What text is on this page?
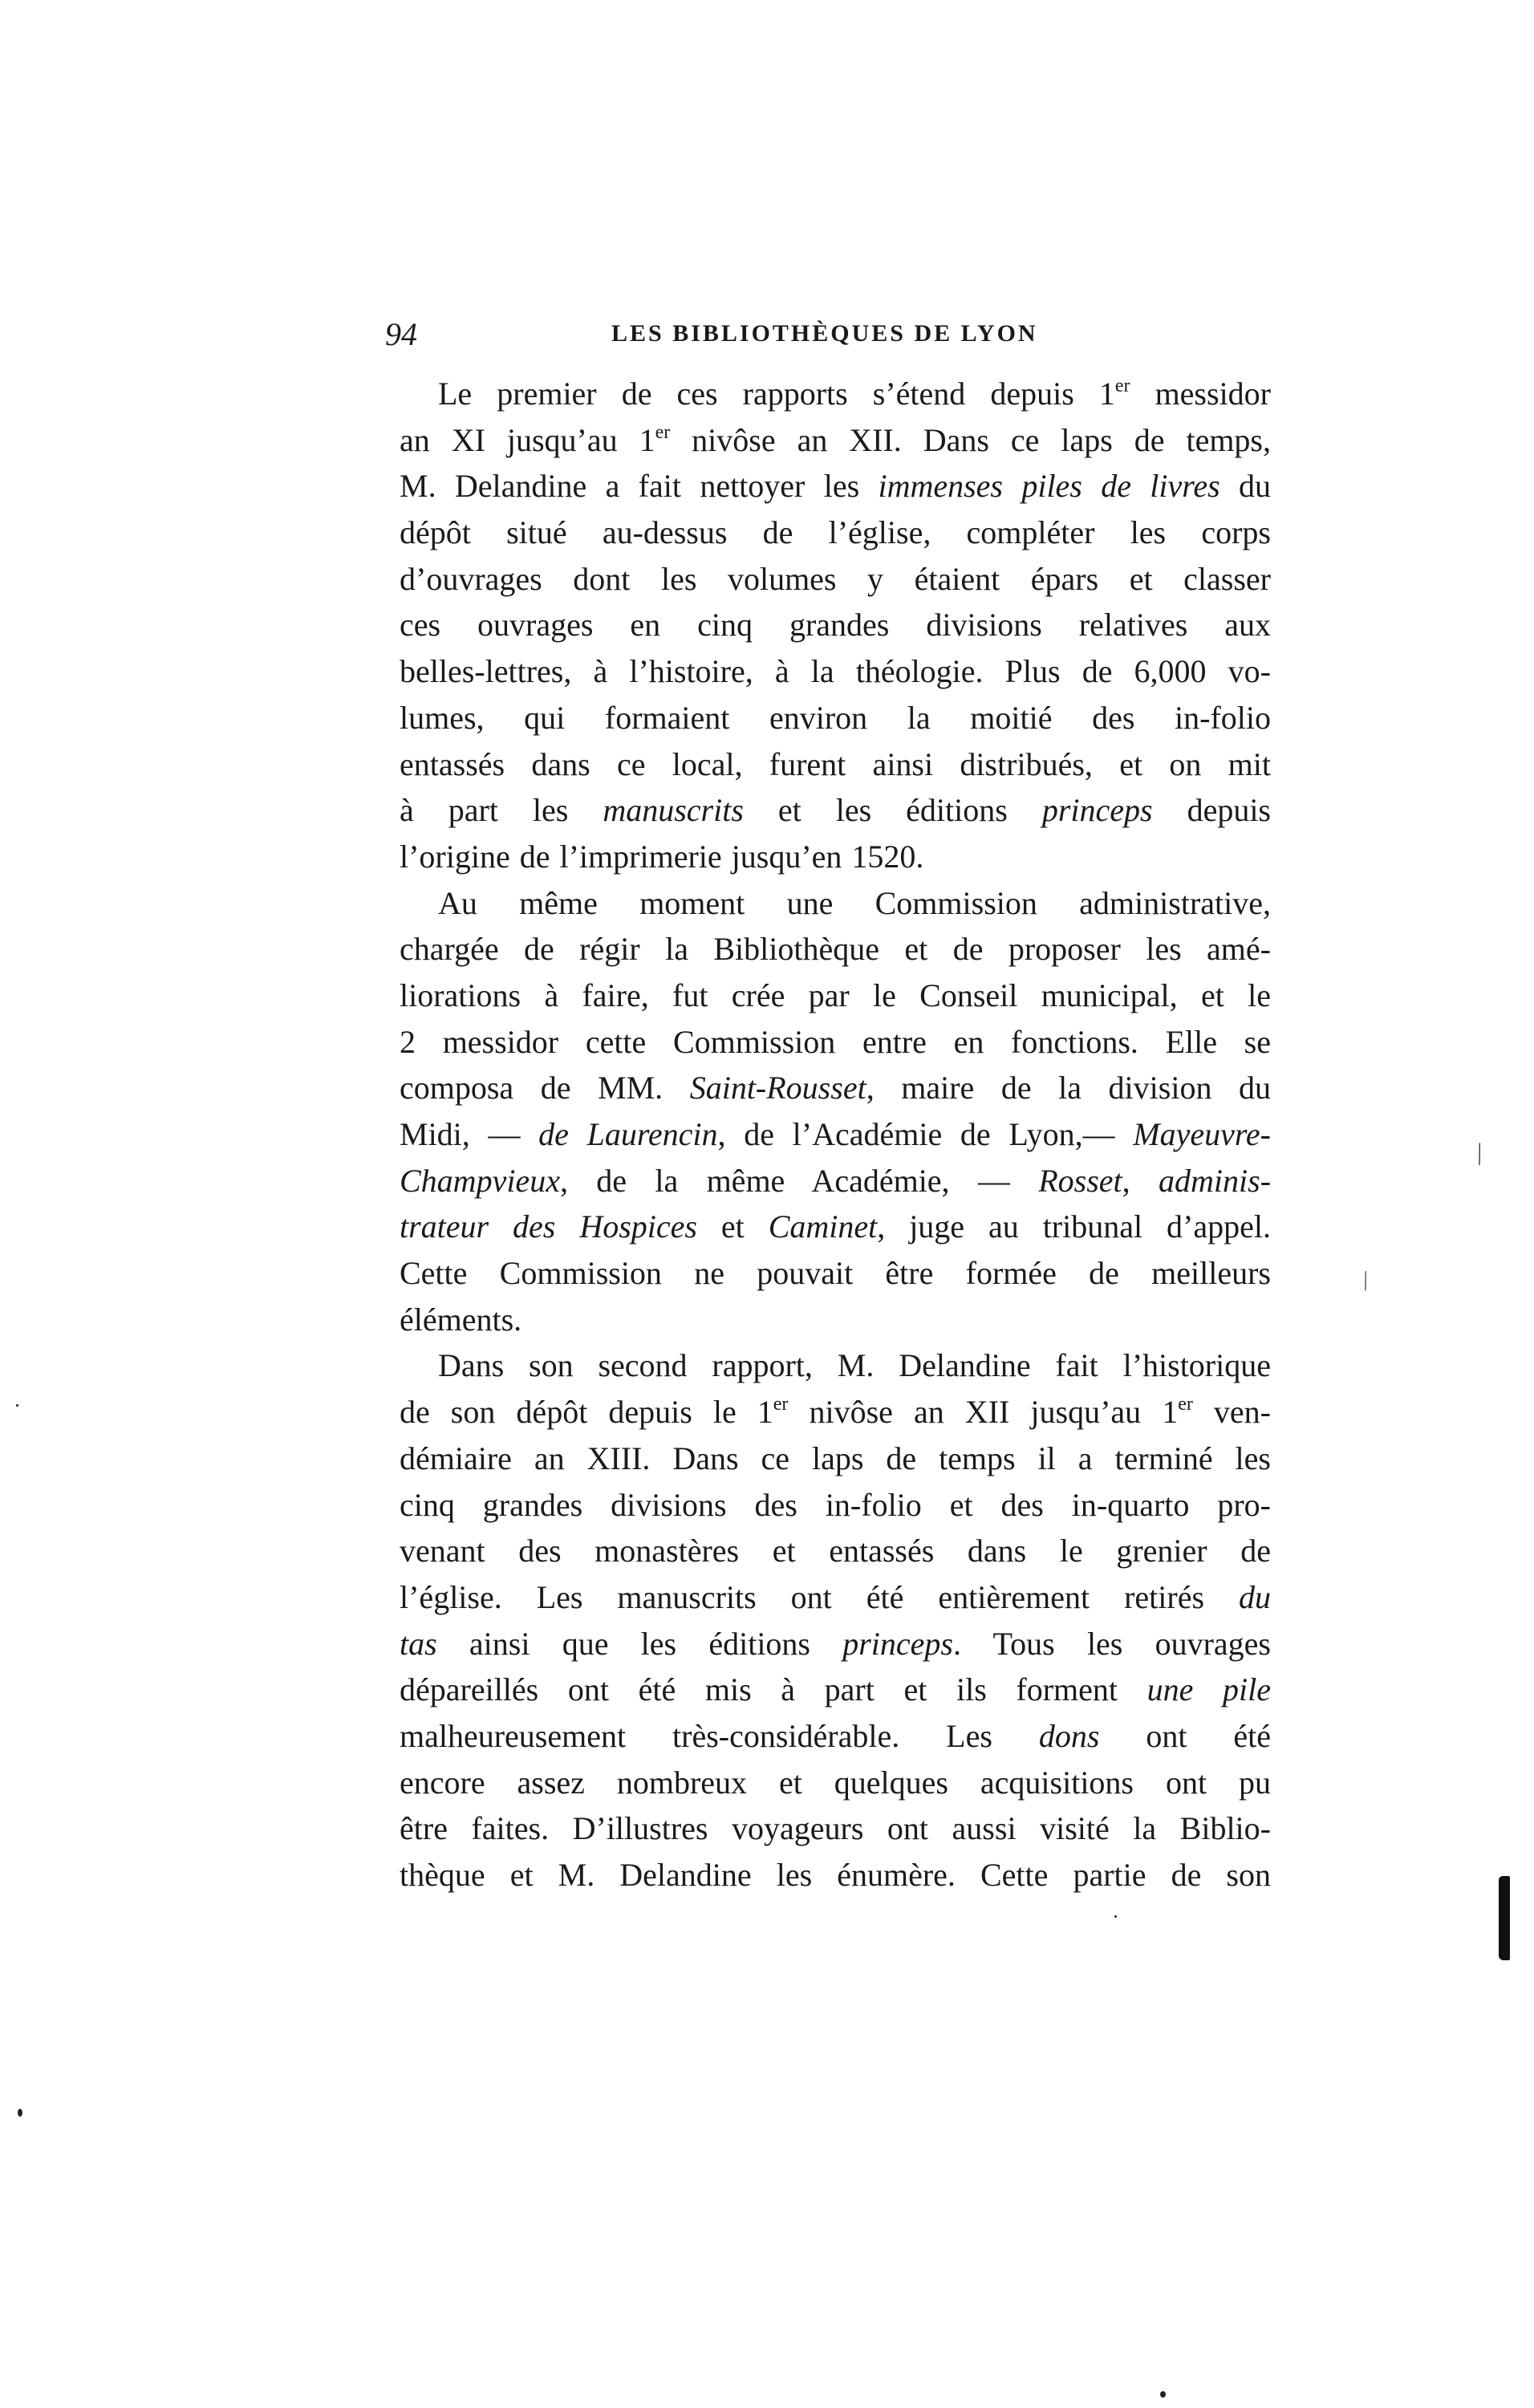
94	LES BIBLIOTHÈQUES DE LYON
Le premier de ces rapports s’étend depuis 1er messidor
an XI jusqu’au 1er nivôse an XII. Dans ce laps de temps,
M. Delandine a fait nettoyer les immenses piles de livres du
dépôt situé au-dessus de l’église, compléter les corps
d’ouvrages dont les volumes y étaient épars et classer
ces ouvrages en cinq grandes divisions relatives aux
belles-lettres, à l’histoire, à la théologie. Plus de 6,000 vo-
lumes, qui formaient environ la moitié des in-folio
entassés dans ce local, furent ainsi distribués, et on mit
à part les manuscrits et les éditions princeps depuis
l’origine de l’imprimerie jusqu’en 1520.
Au même moment une Commission administrative,
chargée de régir la Bibliothèque et de proposer les amé-
liorations à faire, fut crée par le Conseil municipal, et le
2 messidor cette Commission entre en fonctions. Elle se
composa de MM. Saint-Rousset, maire de la division du
Midi, — de Laurencin, de l’Académie de Lyon,— Mayeuvre-
Champvieux, de la même Académie, — Rosset, adminis-
trateur des Hospices et Caminet, juge au tribunal d’appel.
Cette Commission ne pouvait être formée de meilleurs
éléments.
Dans son second rapport, M. Delandine fait l’historique
de son dépôt depuis le 1er nivôse an XII jusqu’au 1er ven-
démiaire an XIII. Dans ce laps de temps il a terminé les
cinq grandes divisions des in-folio et des in-quarto pro-
venant des monastères et entassés dans le grenier de
l’église. Les manuscrits ont été entièrement retirés du
tas ainsi que les éditions princeps. Tous les ouvrages
dépareillés ont été mis à part et ils forment une pile
malheureusement très-considérable. Les dons ont été
encore assez nombreux et quelques acquisitions ont pu
être faites. D’illustres voyageurs ont aussi visité la Biblio-
thèque et M. Delandine les énumère. Cette partie de son
⁄
⁄
